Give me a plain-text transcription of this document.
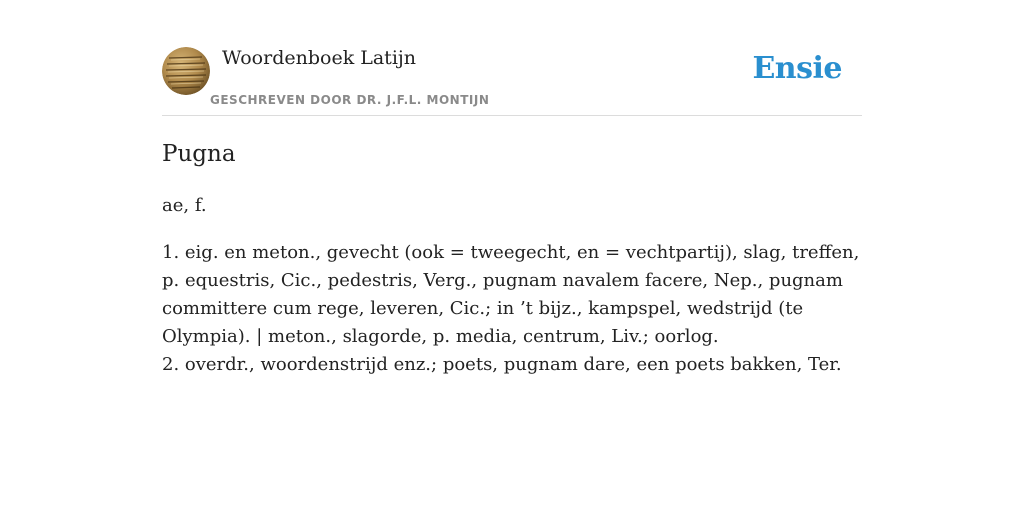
Woordenboek Latijn
GESCHREVEN DOOR DR. J.F.L. MONTIJN
Ensie
Pugna
ae, f.

1. eig. en meton., gevecht (ook = tweegecht, en = vechtpartij), slag, treffen, p. equestris, Cic., pedestris, Verg., pugnam navalem facere, Nep., pugnam committere cum rege, leveren, Cic.; in ’t bijz., kampspel, wedstrijd (te Olympia). | meton., slagorde, p. media, centrum, Liv.; oorlog.

2. overdr., woordenstrijd enz.; poets, pugnam dare, een poets bakken, Ter.
